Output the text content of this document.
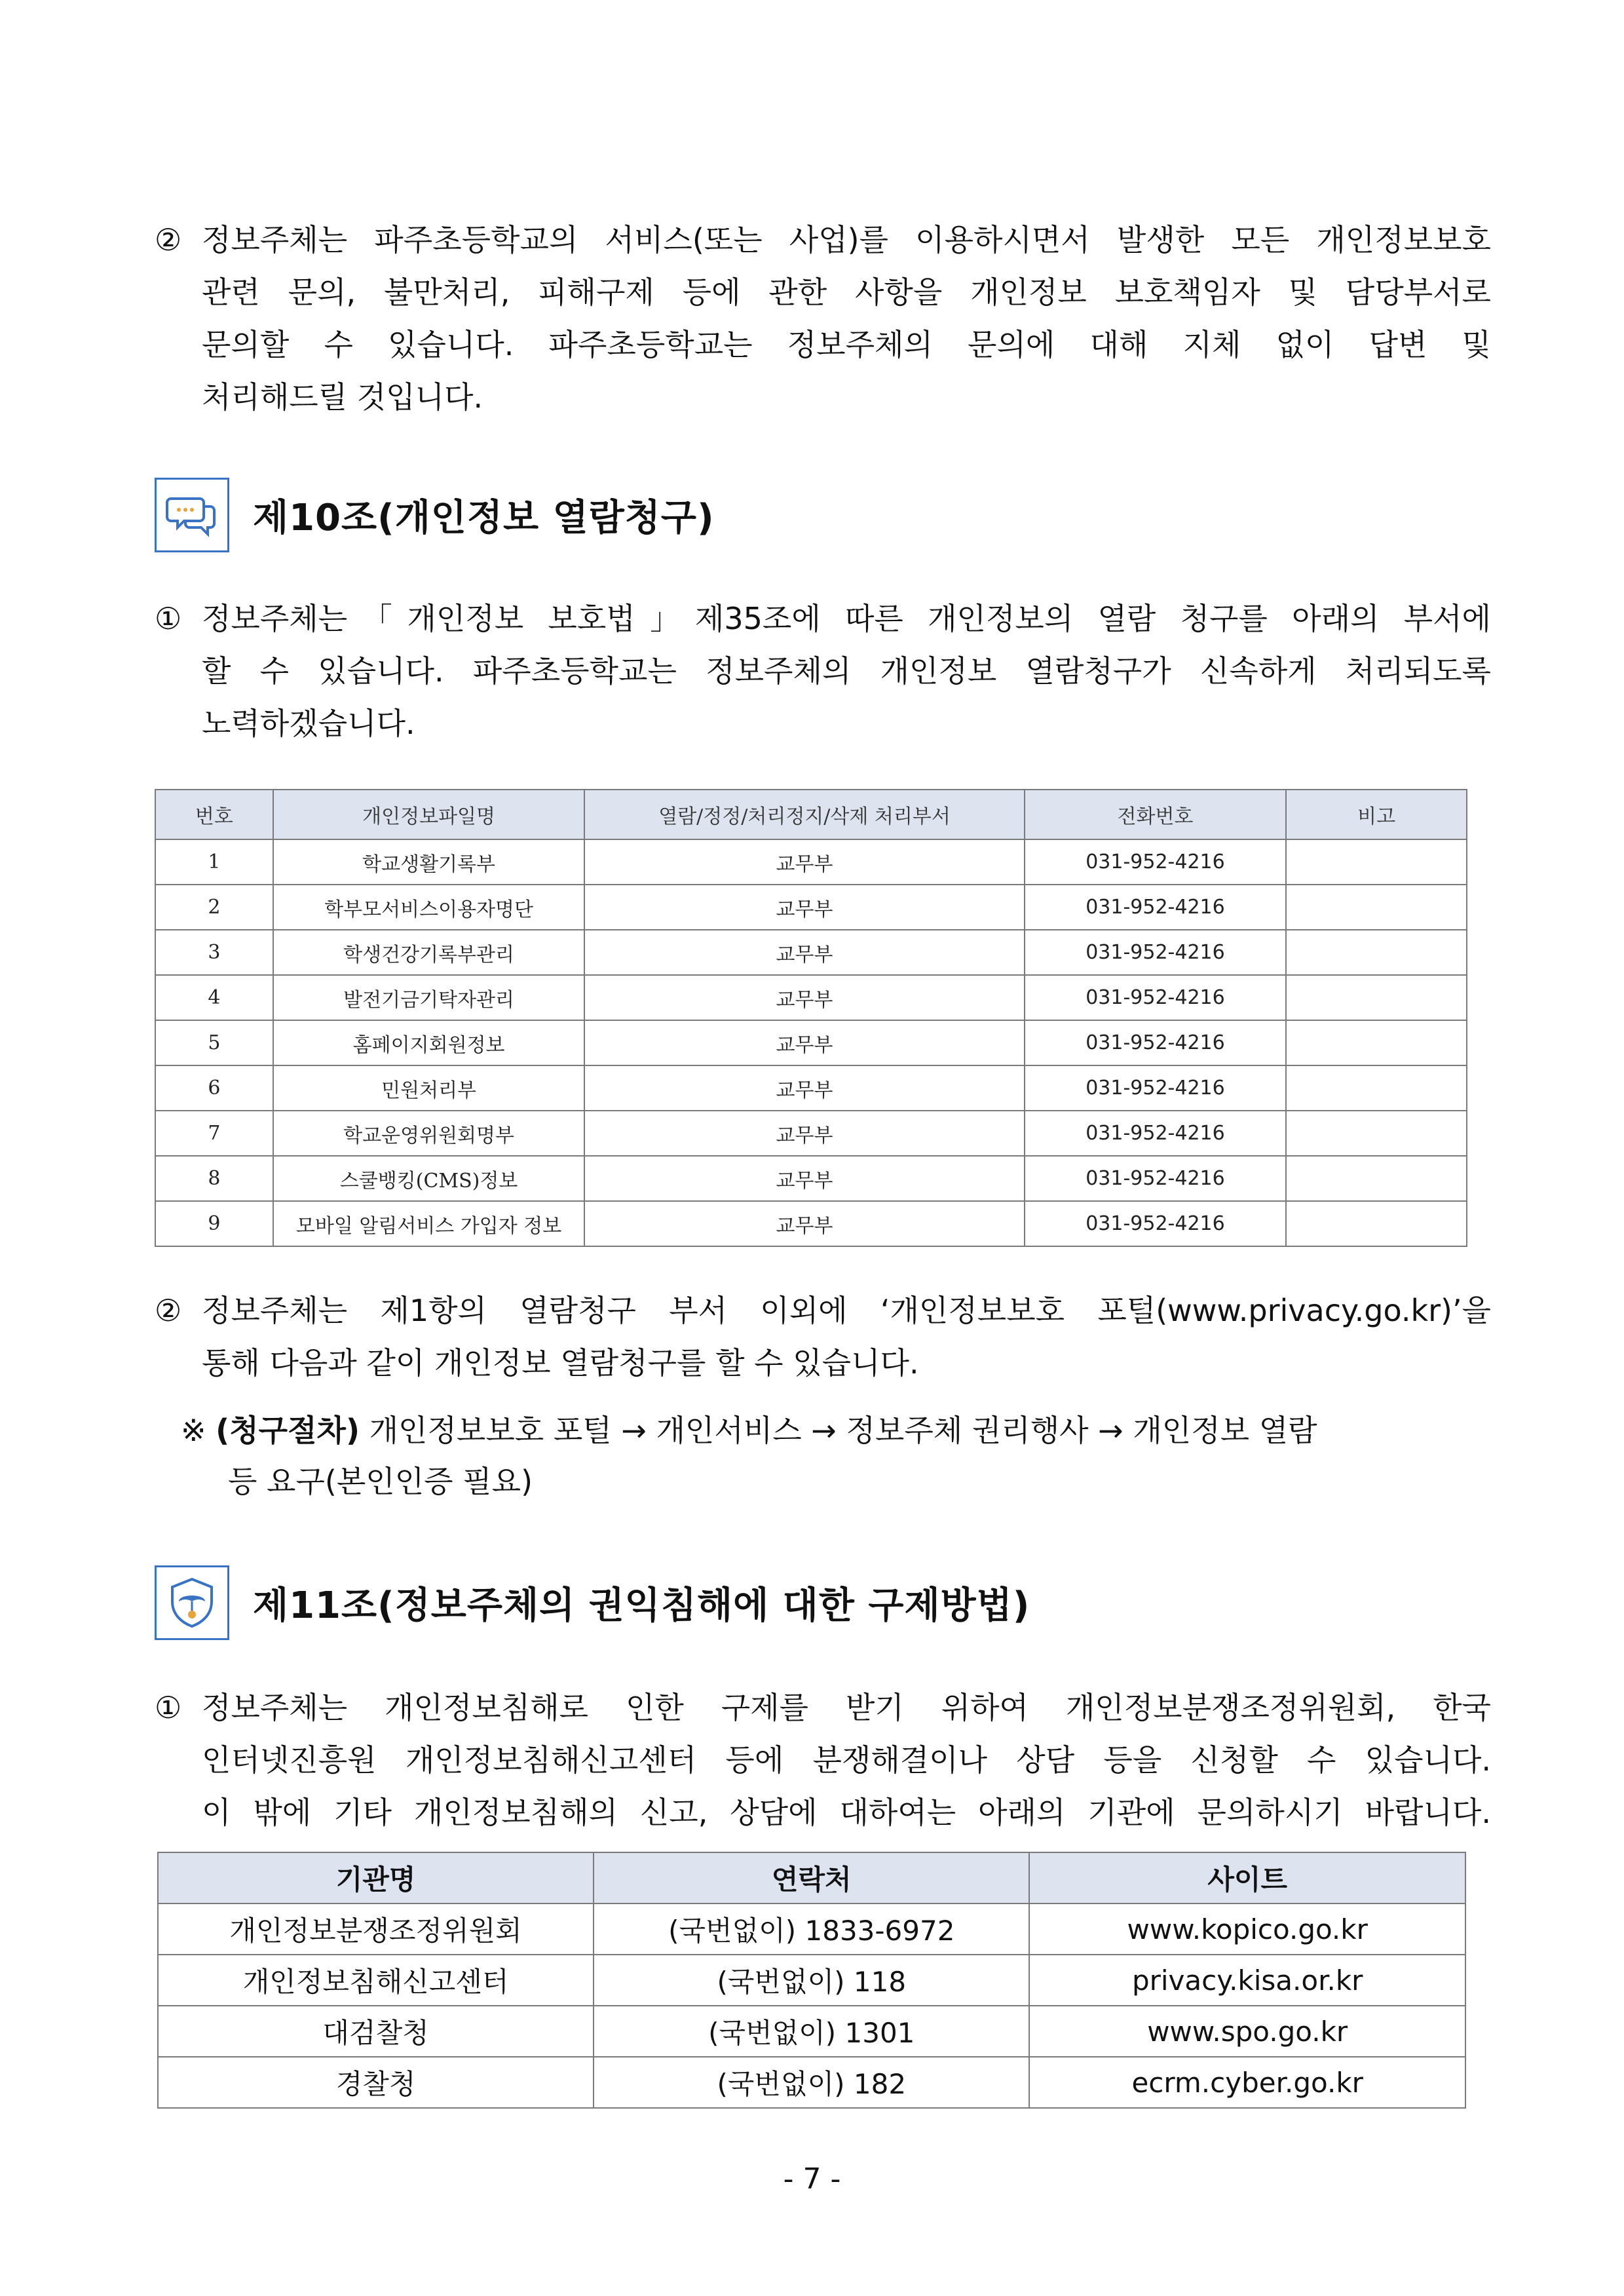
② 정보주체는 파주초등학교의 서비스(또는 사업)를 이용하시면서 발생한 모든 개인정보보호
관련 문의, 불만처리, 피해구제 등에 관한 사항을 개인정보 보호책임자 및 담당부서로
문의할 수 있습니다. 파주초등학교는 정보주체의 문의에 대해 지체 없이 답변 및
처리해드릴 것입니다.
제10조(개인정보 열람청구)
① 정보주체는「개인정보 보호법」제35조에 따른 개인정보의 열람 청구를 아래의 부서에
할 수 있습니다. 파주초등학교는 정보주체의 개인정보 열람청구가 신속하게 처리되도록
노력하겠습니다.
번호	개인정보파일명	열람/정정/처리정지/삭제 처리부서	전화번호	비고
1	학교생활기록부	교무부	031-952-4216	
2	학부모서비스이용자명단	교무부	031-952-4216	
3	학생건강기록부관리	교무부	031-952-4216	
4	발전기금기탁자관리	교무부	031-952-4216	
5	홈페이지회원정보	교무부	031-952-4216	
6	민원처리부	교무부	031-952-4216	
7	학교운영위원회명부	교무부	031-952-4216	
8	스쿨뱅킹(CMS)정보	교무부	031-952-4216	
9	모바일 알림서비스 가입자 정보	교무부	031-952-4216	
② 정보주체는 제1항의 열람청구 부서 이외에 ‘개인정보보호 포털(www.privacy.go.kr)’을
통해 다음과 같이 개인정보 열람청구를 할 수 있습니다.
※ (청구절차) 개인정보보호 포털 → 개인서비스 → 정보주체 권리행사 → 개인정보 열람
등 요구(본인인증 필요)
제11조(정보주체의 권익침해에 대한 구제방법)
① 정보주체는 개인정보침해로 인한 구제를 받기 위하여 개인정보분쟁조정위원회, 한국
인터넷진흥원 개인정보침해신고센터 등에 분쟁해결이나 상담 등을 신청할 수 있습니다.
이 밖에 기타 개인정보침해의 신고, 상담에 대하여는 아래의 기관에 문의하시기 바랍니다.
기관명	연락처	사이트
개인정보분쟁조정위원회	(국번없이) 1833-6972	www.kopico.go.kr
개인정보침해신고센터	(국번없이) 118	privacy.kisa.or.kr
대검찰청	(국번없이) 1301	www.spo.go.kr
경찰청	(국번없이) 182	ecrm.cyber.go.kr
- 7 -
